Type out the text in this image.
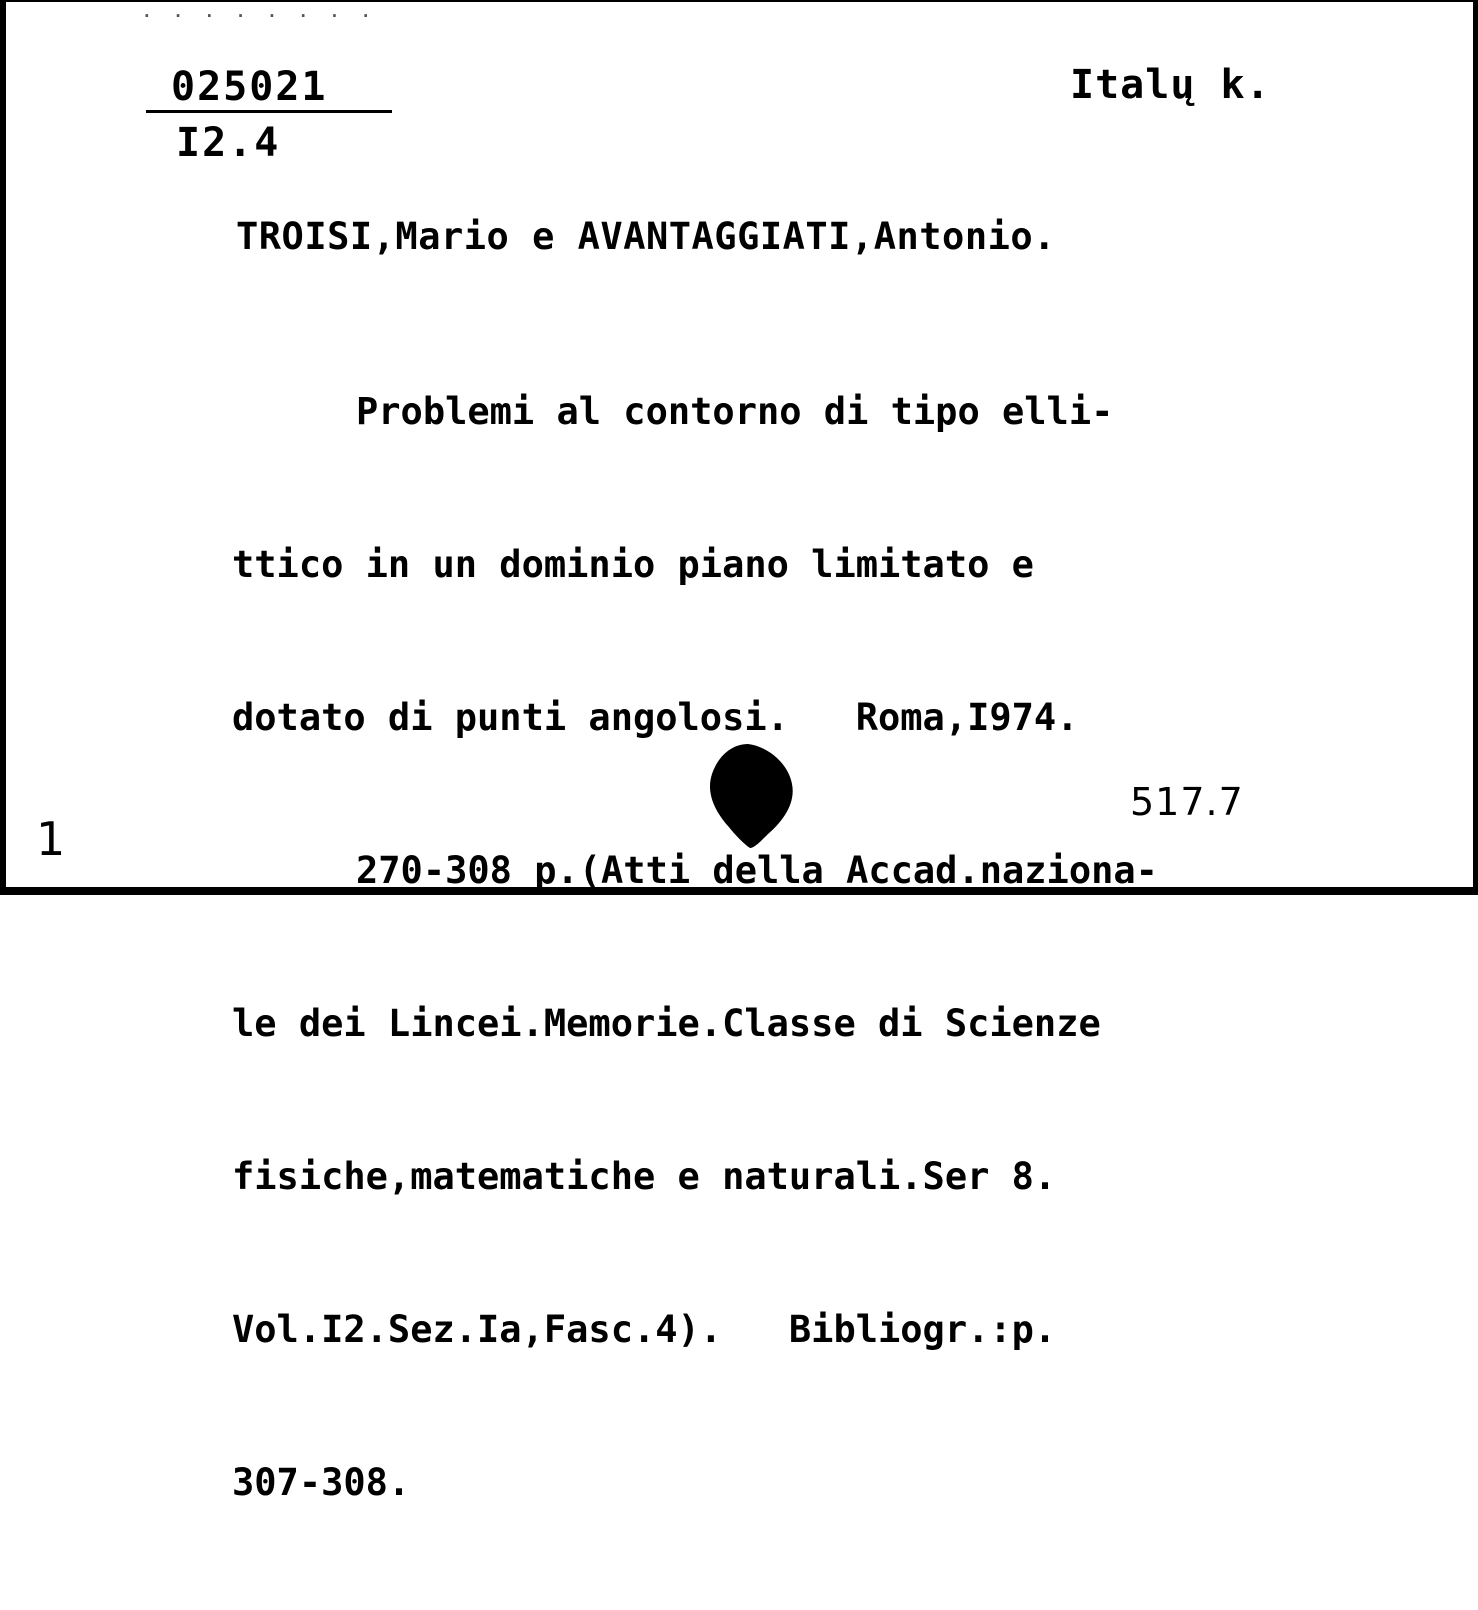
· · · · · · · ·
025021
I2.4
Italų k.
TROISI,Mario e AVANTAGGIATI,Antonio.

Problemi al contorno di tipo elli-

ttico in un dominio piano limitato e

dotato di punti angolosi.   Roma,I974.

270-308 p.(Atti della Accad.naziona-

le dei Lincei.Memorie.Classe di Scienze

fisiche,matematiche e naturali.Ser 8.

Vol.I2.Sez.Ia,Fasc.4).   Bibliogr.:p.

307-308.

517.7
1
